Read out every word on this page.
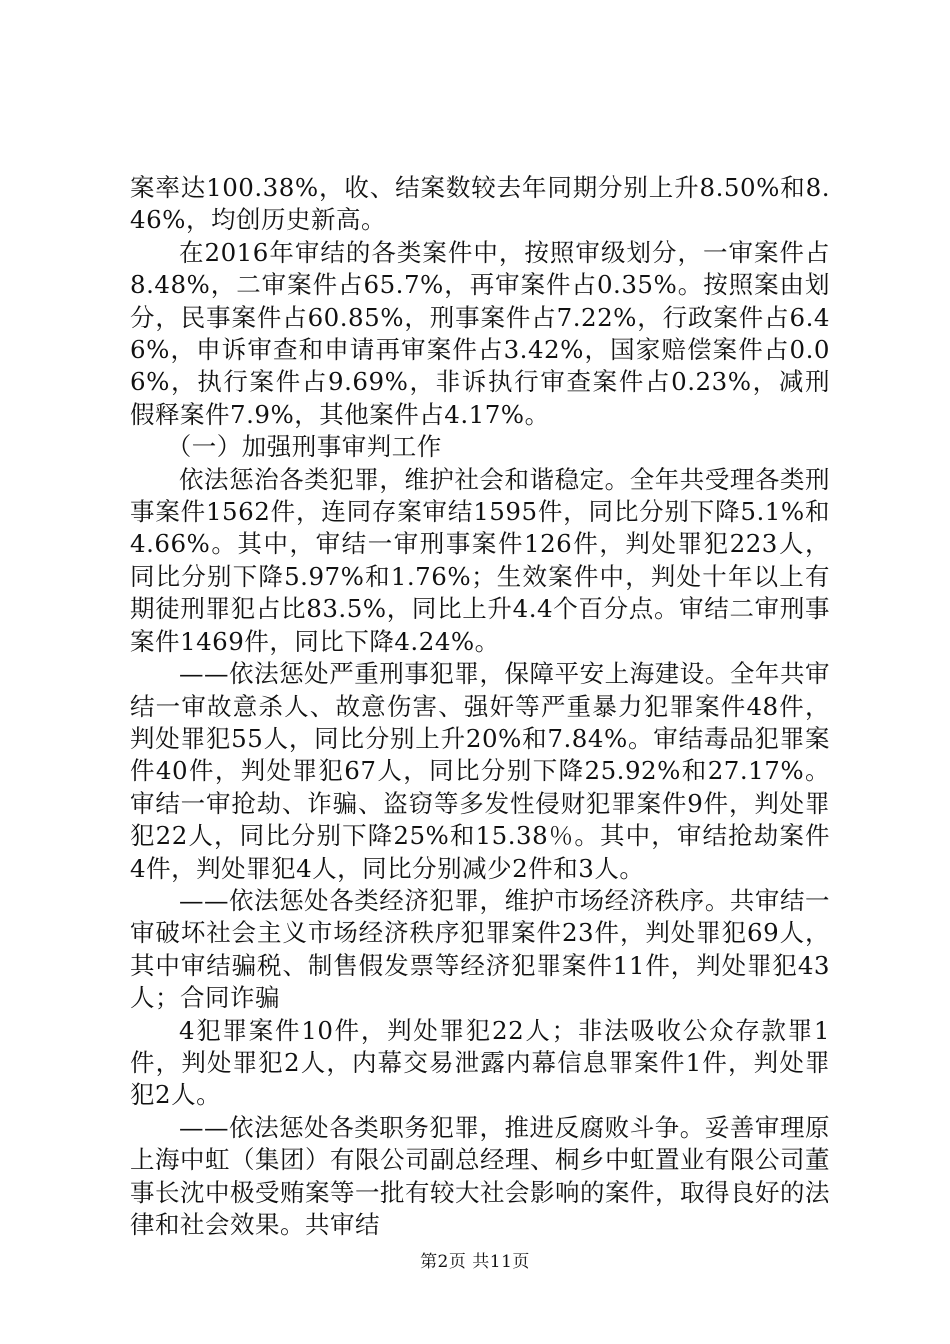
案率达100.38%，收、结案数较去年同期分别上升8.50%和8.46%，均创历史新高。

在2016年审结的各类案件中，按照审级划分，一审案件占8.48%，二审案件占65.7%，再审案件占0.35%。按照案由划分，民事案件占60.85%，刑事案件占7.22%，行政案件占6.46%，申诉审查和申请再审案件占3.42%，国家赔偿案件占0.06%，执行案件占9.69%，非诉执行审查案件占0.23%，减刑假释案件7.9%，其他案件占4.17%。

（一）加强刑事审判工作

依法惩治各类犯罪，维护社会和谐稳定。全年共受理各类刑事案件1562件，连同存案审结1595件，同比分别下降5.1%和4.66%。其中，审结一审刑事案件126件，判处罪犯223人，同比分别下降5.97%和1.76%；生效案件中，判处十年以上有期徒刑罪犯占比83.5%，同比上升4.4个百分点。审结二审刑事案件1469件，同比下降4.24%。

——依法惩处严重刑事犯罪，保障平安上海建设。全年共审结一审故意杀人、故意伤害、强奸等严重暴力犯罪案件48件，判处罪犯55人，同比分别上升20%和7.84%。审结毒品犯罪案件40件，判处罪犯67人，同比分别下降25.92%和27.17%。审结一审抢劫、诈骗、盗窃等多发性侵财犯罪案件9件，判处罪犯22人，同比分别下降25%和15.38％。其中，审结抢劫案件4件，判处罪犯4人，同比分别减少2件和3人。

——依法惩处各类经济犯罪，维护市场经济秩序。共审结一审破坏社会主义市场经济秩序犯罪案件23件，判处罪犯69人，其中审结骗税、制售假发票等经济犯罪案件11件，判处罪犯43人；合同诈骗

4犯罪案件10件，判处罪犯22人；非法吸收公众存款罪1件，判处罪犯2人，内幕交易泄露内幕信息罪案件1件，判处罪犯2人。

——依法惩处各类职务犯罪，推进反腐败斗争。妥善审理原上海中虹（集团）有限公司副总经理、桐乡中虹置业有限公司董事长沈中极受贿案等一批有较大社会影响的案件，取得良好的法律和社会效果。共审结

第2页 共11页
